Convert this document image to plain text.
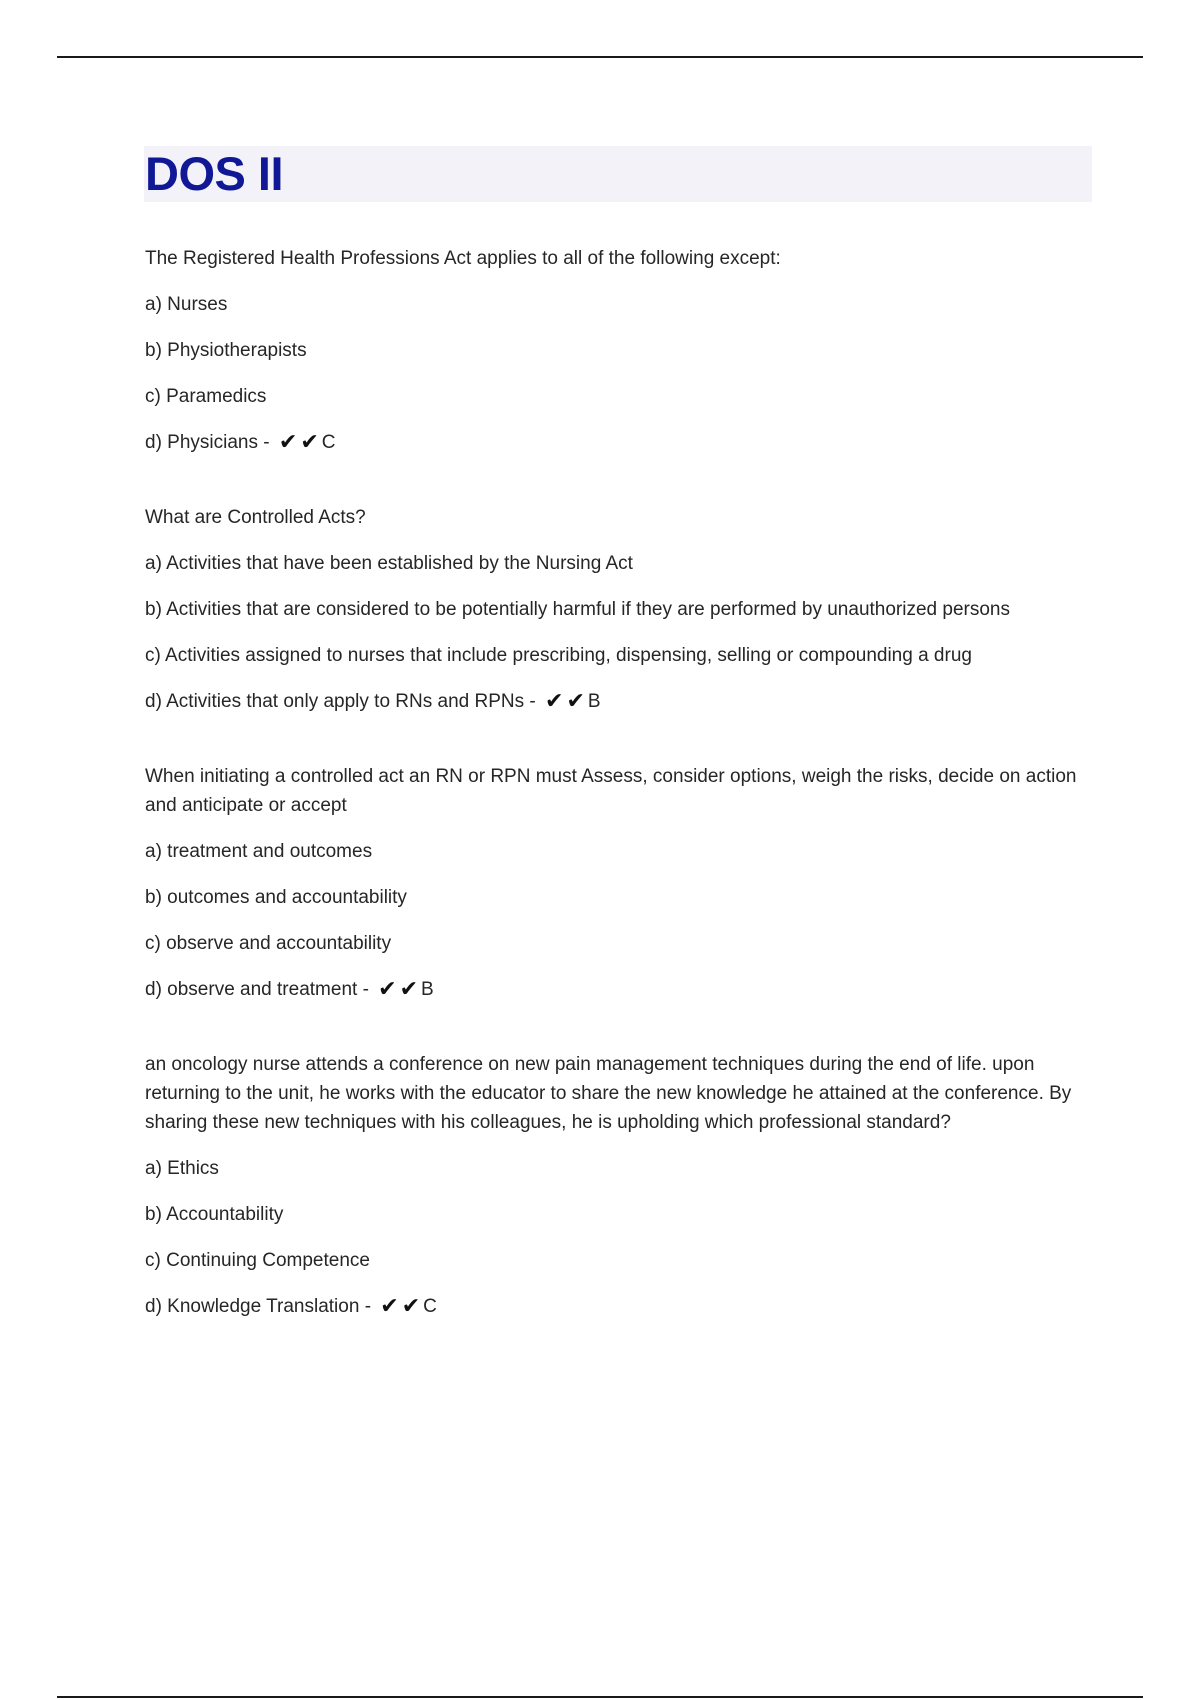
DOS II

The Registered Health Professions Act applies to all of the following except:

a) Nurses
b) Physiotherapists
c) Paramedics
d) Physicians - ✔ ✔ C

What are Controlled Acts?

a) Activities that have been established by the Nursing Act
b) Activities that are considered to be potentially harmful if they are performed by unauthorized persons
c) Activities assigned to nurses that include prescribing, dispensing, selling or compounding a drug
d) Activities that only apply to RNs and RPNs - ✔ ✔ B

When initiating a controlled act an RN or RPN must Assess, consider options, weigh the risks, decide on action and anticipate or accept

a) treatment and outcomes
b) outcomes and accountability
c) observe and accountability
d) observe and treatment - ✔ ✔ B

an oncology nurse attends a conference on new pain management techniques during the end of life. upon returning to the unit, he works with the educator to share the new knowledge he attained at the conference. By sharing these new techniques with his colleagues, he is upholding which professional standard?

a) Ethics
b) Accountability
c) Continuing Competence
d) Knowledge Translation - ✔ ✔ C
